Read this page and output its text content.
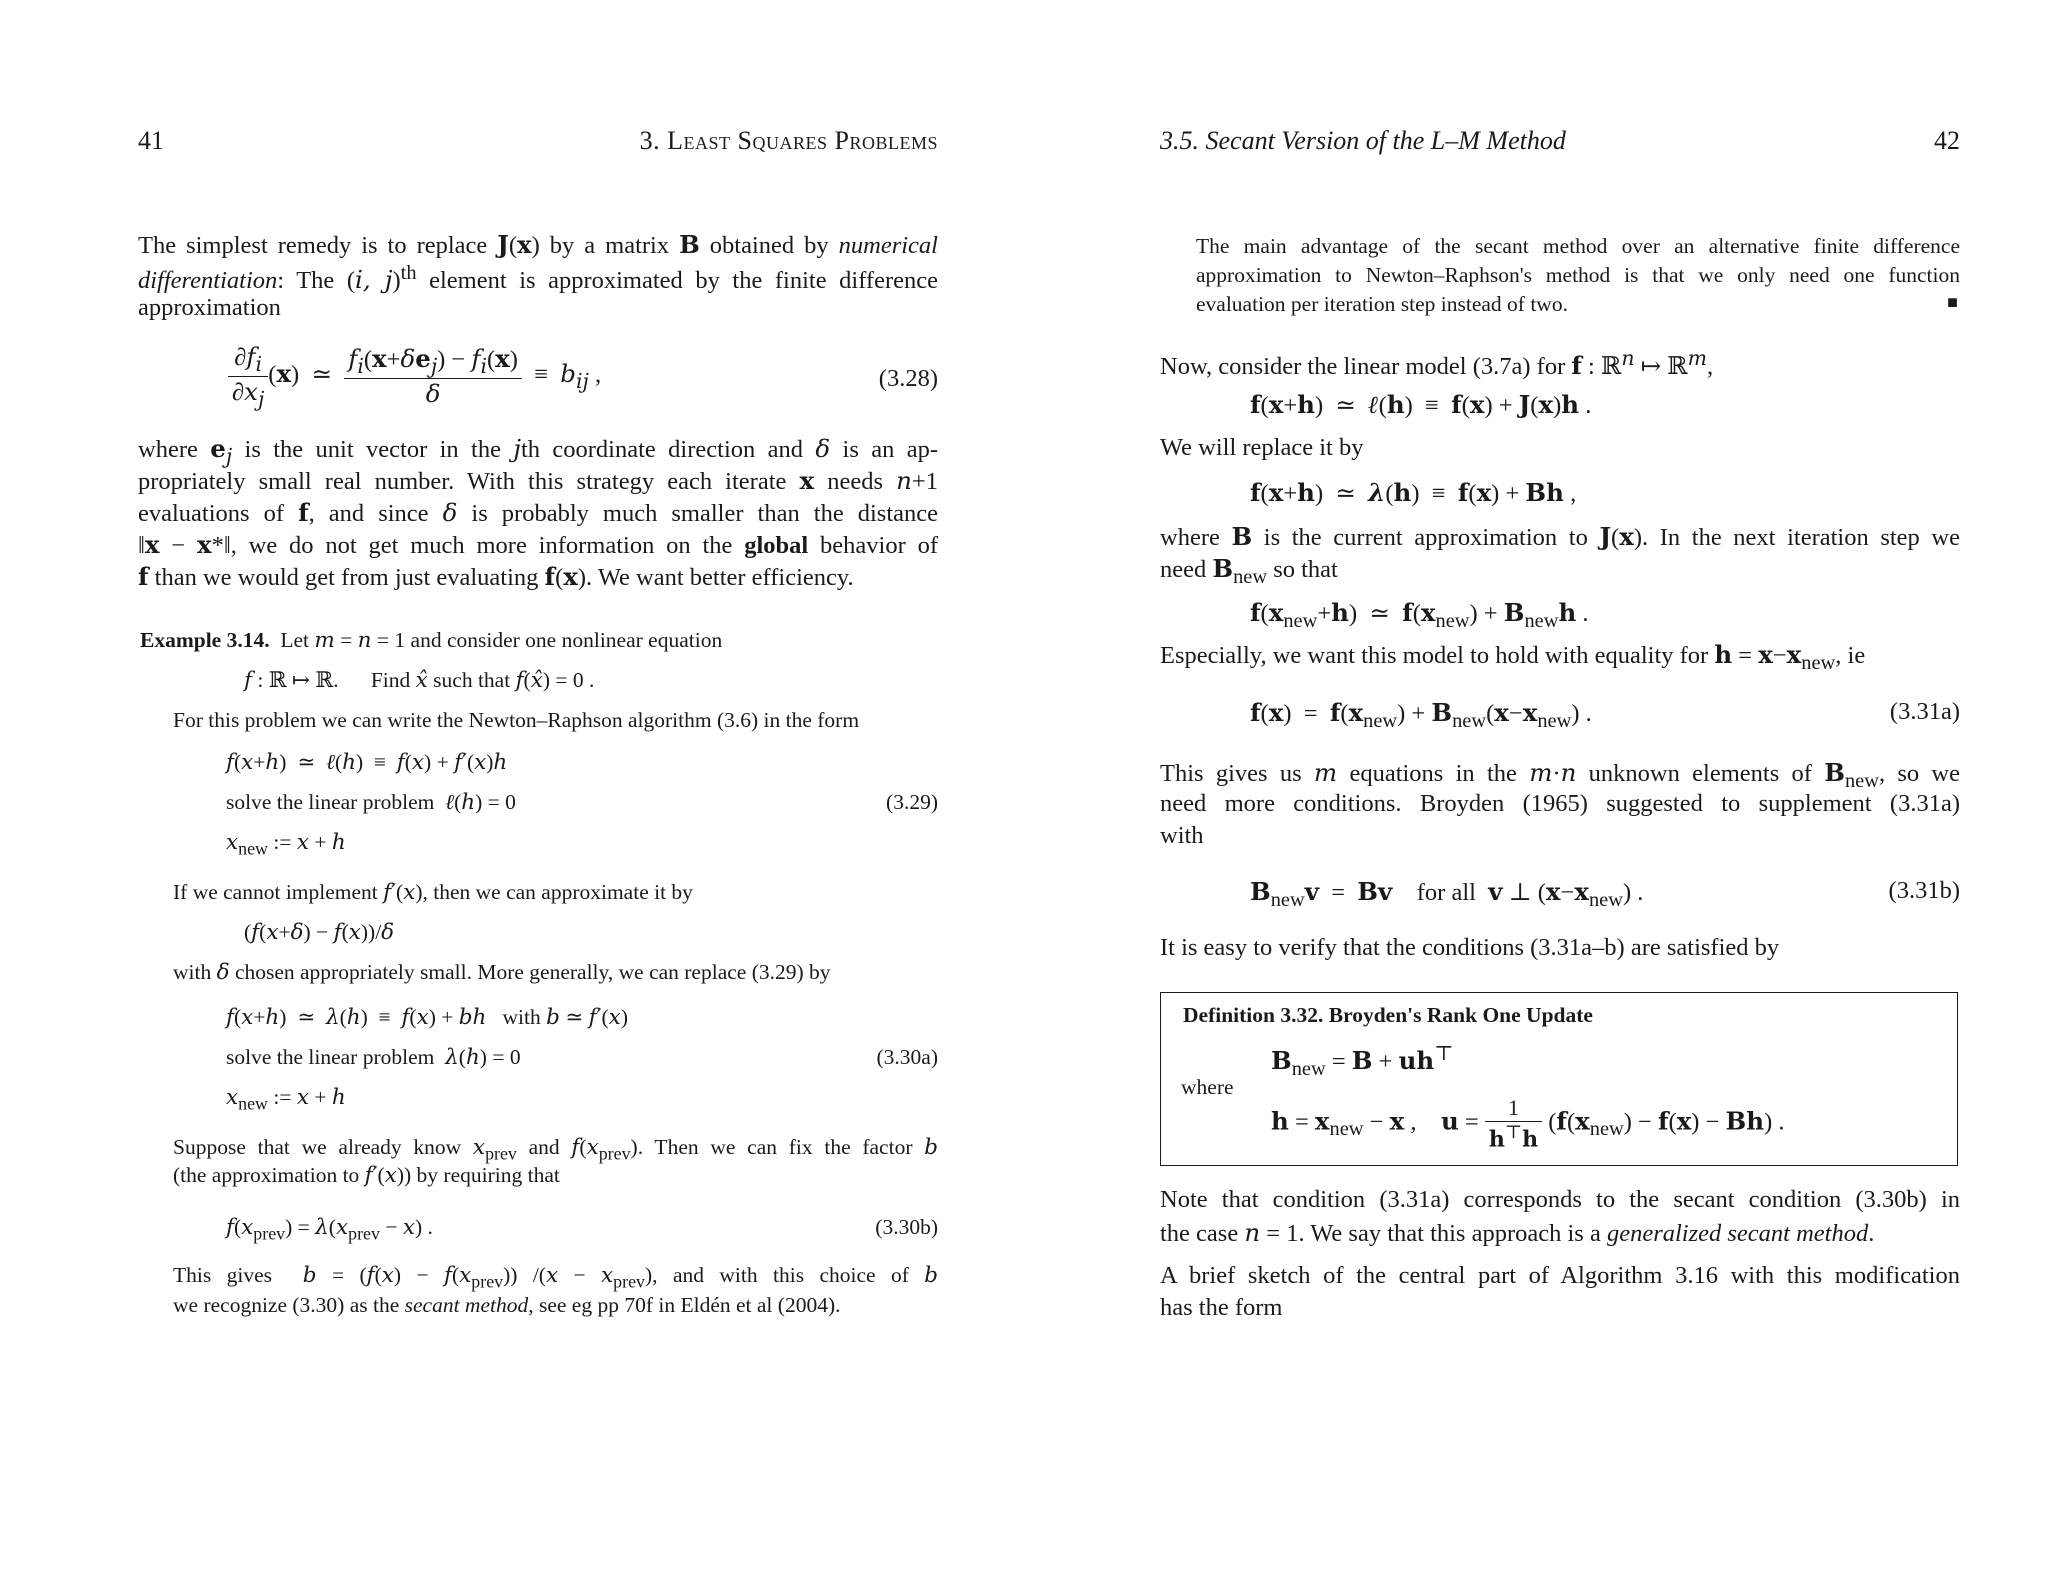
41	3. Least Squares Problems
The simplest remedy is to replace J(x) by a matrix B obtained by numerical
differentiation: The (i, j)$^{th}$ element is approximated by the finite difference
approximation
$\frac{\partial f_i}{\partial x_j} (x)$  ≃ $\frac{f_i(x+\delta e_j) - f_i(x)}{\delta} \equiv b_{ij}$ ,	(3.28)
where $e_j$ is the unit vector in the jth coordinate direction and δ is an ap-
propriately small real number. With this strategy each iterate x needs n+1
evaluations of f, and since δ is probably much smaller than the distance
‖x − x*‖, we do not get much more information on the global behavior of
f than we would get from just evaluating f(x). We want better efficiency.
Example 3.14. Let m = n = 1 and consider one nonlinear equation
f : ℝ ↦ ℝ.      Find x̂ such that f(x̂) = 0 .
For this problem we can write the Newton–Raphson algorithm (3.6) in the form
f(x+h)  ≃  ℓ(h)  ≡  f(x) + f′(x)h
solve the linear problem ℓ(h) = 0	(3.29)
$x_{new}$ := x + h
If we cannot implement f′(x), then we can approximate it by
(f(x+δ) − f(x))/δ
with δ chosen appropriately small. More generally, we can replace (3.29) by
f(x+h)  ≃  λ(h)  ≡  f(x) + bh with b ≃ f′(x)
solve the linear problem λ(h) = 0	(3.30a)
$x_{new}$ := x + h
Suppose that we already know $x_{prev}$ and $f(x_{prev})$. Then we can fix the factor b
(the approximation to f′(x)) by requiring that
$f(x_{prev}) = \lambda(x_{prev} - x)$ .	(3.30b)
This gives $b = (f(x) - f(x_{prev}))$ $/(x - x_{prev})$, and with this choice of b
we recognize (3.30) as the secant method, see eg pp 70f in Eldén et al (2004).
3.5. Secant Version of the L–M Method	42
The main advantage of the secant method over an alternative finite difference
approximation to Newton–Raphson's method is that we only need one function
evaluation per iteration step instead of two.	■
Now, consider the linear model (3.7a) for f : ℝ$^n$ ↦ ℝ$^m$,
f(x+h)  ≃  ℓ(h)  ≡  f(x) + J(x)h .
We will replace it by
f(x+h)  ≃  λ(h)  ≡  f(x) + Bh ,
where B is the current approximation to J(x). In the next iteration step we
need $B_{new}$ so that
$f(x_{new}+h)$  ≃  $f(x_{new}) + B_{new}h$ .
Especially, we want this model to hold with equality for $h = x-x_{new}$, ie
$f(x) = f(x_{new}) + B_{new}(x-x_{new})$ .	(3.31a)
This gives us m equations in the m·n unknown elements of $B_{new}$, so we
need more conditions. Broyden (1965) suggested to supplement (3.31a)
with
$B_{new}v = Bv$ for all v ⊥ $(x-x_{new})$ .	(3.31b)
It is easy to verify that the conditions (3.31a–b) are satisfied by
Definition 3.32. Broyden's Rank One Update
$B_{new} = B + uh^⊤$
where
$h = x_{new} - x$ ,    $u = \frac{1}{h^⊤h} (f(x_{new}) - f(x) - Bh)$ .
Note that condition (3.31a) corresponds to the secant condition (3.30b) in
the case n = 1. We say that this approach is a generalized secant method.
A brief sketch of the central part of Algorithm 3.16 with this modification
has the form
